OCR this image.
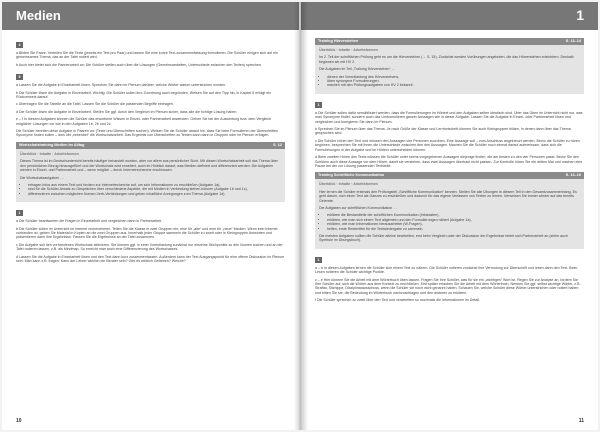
Medien
4

a Bilden Sie Paare. Verteilen Sie die Texte (jeweils ein Text pro Paar) und lassen Sie eine kurze Text-zusammenfassung formulieren. Die Schüler einigen sich auf ein gemeinsames Thema, das an der Tafel notiert wird.

b Auch hier bietet sich die Partnerarbeit an: Die Schüler stellen auch über die Lösungen (Gemeinsamkeiten, Unterschiede zwischen den Texten) sprechen.

5

a Lassen Sie die Aufgabe in Einzelarbeit lösen. Sprechen Sie dann im Plenum darüber, welche Wörter warum unterstrichen wurden.

b Die Schüler lösen die Aufgabe in Einzelarbeit. Wichtig: Die Schüler sollen ihre Zuordnung auch begründen. Weisen Sie auf den Tipp hin, in Kapitel 5 erfolgt ein Rückverweis darauf.

c Übertragen Sie die Tabelle an die Tafel. Lassen Sie die Schüler die passenden Begriffe eintragen.

d Die Schüler lösen die Aufgabe in Einzelarbeit. Stellen Sie ggf. durch den Vergleich im Plenum sicher, dass alle die richtige Lösung haben.

e – f In diesem Aufgaben können die Schüler das erworbene Wissen in Einzel- oder Partnerarbeit anwenden. Gehen Sie bei der Auswertung bzw. dem Vergleich möglicher Lösungen vor wie in den Aufgaben 1b, 2b und 2c.

Die Schüler bereiten diese Aufgabe in Paaren vor (Texte und Überschriften suchen). Weisen Sie die Schüler darauf hin, dass Sie beim Formulieren der Überschriften Synonyme finden sollen – dies übt „nebenbei“ die Wortschatzarbeit. Das Ergebnis von Überschriften zu Texten kann dann in Gruppen oder im Plenum erfolgen.

Wortschatztraining Medien im Alltag	S. 12
Überblick · Inhalte · Arbeitsformen

Dieses Thema ist im Deutschunterricht bereits häufiger behandelt worden, aber vor allem aus persönlicher Sicht. Mit diesen Wortschatzarbeit soll das Thema über den persönlichen Bezug hinausgeführt und der Wortschatz wird erweitert, auch im Hinblick darauf, was Medien definiert und differenziert werden. Die Aufgaben werden in Einzel- und Partnerarbeit und – wenn möglich – durch Internetrecherche erschlossen.

Die Wortschatzaufgaben …

• erfragen Infos aus einem Text und fordern zur Internetrecherche auf, um sich Informationen zu erschließen (Aufgabe 1a),
• sind für die Schüler Ansatz zu Gesprächen über verschiedene Aspekte, die mit Medien in Verbindung stehen können (Aufgabe 1b und 1c),
• differenzieren zwischen möglichen Nomen-Verb-Verbindungen und geben inhaltliche Anregungen zum Thema (Aufgabe 1d).
1

a Die Schüler beantworten die Fragen in Einzelarbeit und vergleichen dann in Partnerarbeit.

b Die Schüler sollen im Unterricht im Internet recherchieren. Teilen Sie die Klasse in zwei Gruppen ein: eine für „alte“ und eine für „neue“ Medien. Wenn kein Internet vorhanden ist, geben Sie Material in Kopien an die zwei Gruppen aus. Innerhalb jeder Gruppe sammeln die Schüler zu zweit oder in Kleingruppen Antworten und präsentieren dann ihre Ergebnisse. Fassen Sie die Ergebnisse an der Tafel zusammen.

c Die Aufgabe soll den vorhandenen Wortschatz aktivieren. Sie können ggf. in einer Vorentlastung zunächst nur einzelne Stichpunkte zu den Nomen suchen und an der Tafel notieren lassen, z.B. als Mindmap. So erreicht man auch eine Differenzierung des Wortschatzes.

d Lassen Sie die Aufgabe in Einzelarbeit lösen und den Text dann kurz zusammenfassen. Außerdem kann der Text Ausgangspunkt für eine offene Diskussion im Plenum sein: Man kann z.B. fragen: Kann der Lehrer wirklich ein Berater sein? Gibt es wirklich Gefahren? Welche?

10
1
Training Hörverstehen	S. 13–14
Überblick · Inhalte · Arbeitsformen

Im 2. Teil der schriftlichen Prüfung geht es um die Hörverstehen (→ S. 15). Zunächst werden Vorübungen angeboten, die das Hörverstehen erleichtern. Deshalb beginnen wir mit HV 2.

Die Aufgaben im Teil „Training Hörverstehen“ …

• dienen der Vorentlastung des Hörverstehens,
• üben synonyme Formulierungen,
• machen mit den Prüfungsaufgaben von HV 2 bekannt.
1

a Die Schüler sollen dafür sensibilisiert werden, dass die Formulierungen im Hörtext und den Aufgaben selten identisch sind. Über das Üben im Unterricht nicht nur, was man Synonyme findet, sondern auch das Umformulieren ganzer Aussagen wie in dieser Aufgabe. Lassen Sie die Aufgabe in Einzel- oder Partnerarbeit lösen und vergleichen und korrigieren Sie dann im Plenum.

b Sprechen Sie im Plenum über das Thema. Je nach Größe der Klasse und Lernfortschritt können Sie auch Kleingruppen bilden, in denen dann über das Thema gesprochen wird.

c Die Schüler hören den Text und müssen den Aussagen vier Personen zuordnen. Eine Aussage soll – zum Anschluss angekreuzt werden. Bevor die Schüler zu hören beginnen, besprechen Sie mit ihnen die Unterschiede zwischen den drei Aussagen. Machen Sie die Schüler noch einmal darauf aufmerksam, dass sich die Formulierungen in der Aufgabe und im Hörtext unterscheiden können.

d Beim zweiten Hören des Texts müssen die Schüler unter sechs vorgegebenen Aussagen diejenige finden, die am besten zu den vier Personen passt. Bevor Sie den Schülern auch diese Aussage vor dem Hören, damit sie verstehen, dass zwei Aussagen übertraut nicht passen. Zur Kontrolle hören Sie ein drittes Mal und machen eine Pause bei der zur Lösung passenden Textstelle.

Training Schriftliche Kommunikation	S. 14–16
Überblick · Inhalte · Arbeitsformen

Hier lernen die Schüler erstmals den Prüfungsteil „Schriftliche Kommunikation“ kennen. Stellen Sie alle Übungen in diesem Teil in den Gesamtzusammenhang. Es geht darum, sich einen Text als Ganzes zu erschließen und dadurch für das eigene Verfassen von Texten zu lernen. Verweisen Sie immer wieder auf das bereits Gelernte.

Die Aufgaben zur schriftlichen Kommunikation …

• erklären die Bestandteile der schriftlichen Kommunikation (Infokasten),
• erklären, wie man sich einem Text allgemein und den Formulierungen nähert (Aufgabe 1a),
• erklären, wie man Informationen herausarbeitet (W-Fragen),
• helfen, erste Redemittel für die Textwiedergabe zu sammeln.

Die meisten Aufgaben sollten die Schüler alleine bearbeiten, erst beim Vergleich oder der Diskussion der Ergebnisse bietet sich Partnerarbeit an (siehe auch Symbole im Übungsbuch).

1

a – b In diesen Aufgaben lernen die Schüler sich einem Text zu nähern. Die Schüler notieren zunächst ihre Vermutung zur Überschrift und lesen dann den Text. Beim Lesen notieren die Schüler wichtige Punkte.

c – e Hier können Sie die Arbeit mit dem Wörterbuch üben lassen. Fragen Sie Ihre Schüler, was für sie ein „wichtiges“ Wort ist. Regen Sie zur Analyse an, fordern Sie Ihre Schüler auf, sich die Wörter aus dem Kontext zu erschließen. Erst später erlauben Sie die Arbeit mit dem Wörterbuch. Nennen Sie ggf. selbst wichtige Wörter, z.B. Straftat, Sitzhippe, Disziplinarausschuss, wenn die Schüler sie noch nicht genannt haben. Schauen Sie, welche Schüler diese Wörter unterstrichen oder notiert haben und bitten Sie sie, die Bedeutung im Wörterbuch nachzuschlagen und den anderen zu erklären.

f Die Schüler sprechen zu zweit über den Text und verarbeiten so nochmals die Informationen im Detail.

11
